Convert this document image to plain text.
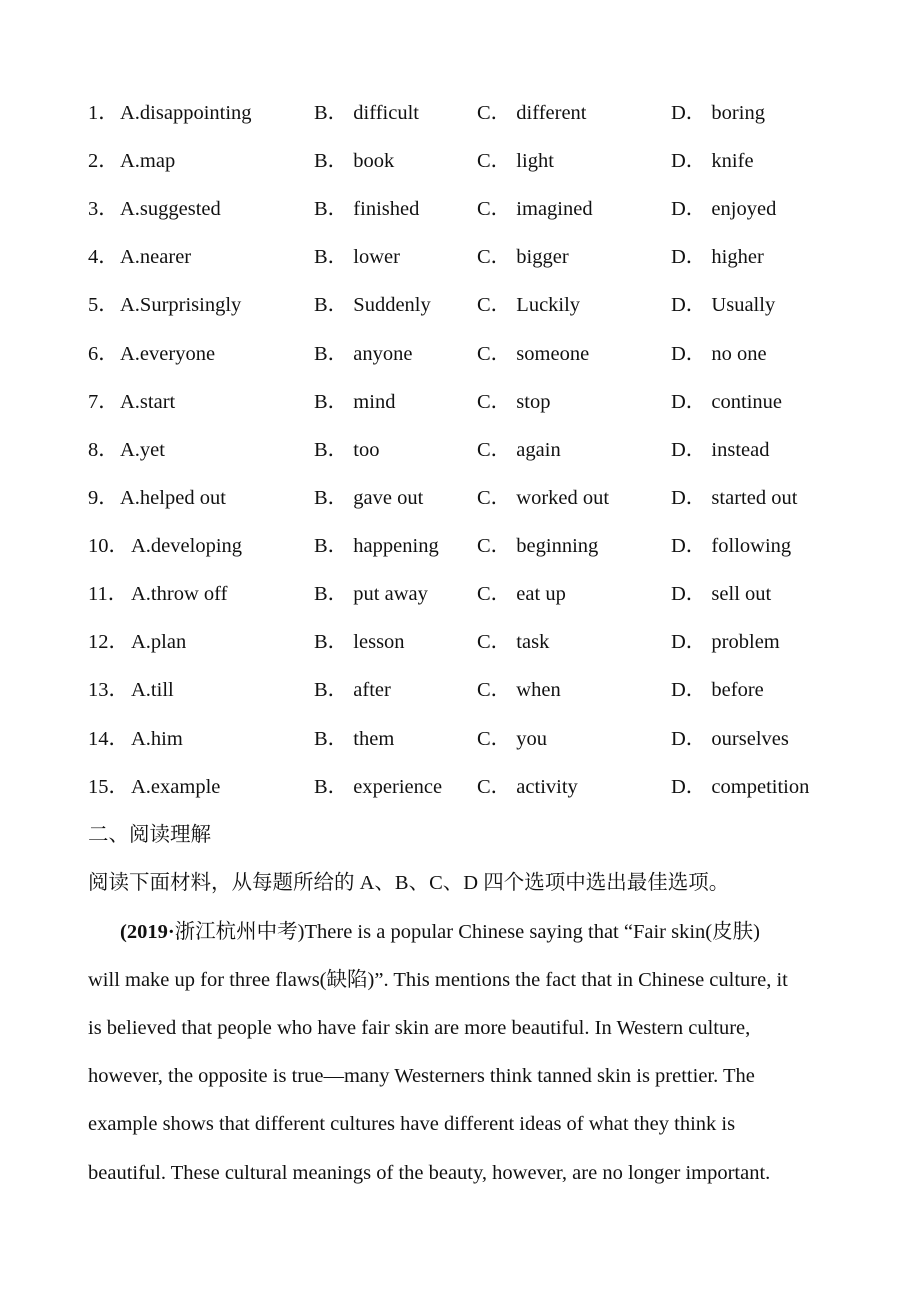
1． A.disappointing	B． difficult	C． different	D． boring
2． A.map	B． book	C． light	D． knife
3． A.suggested	B． finished	C． imagined	D． enjoyed
4． A.nearer	B． lower	C． bigger	D． higher
5． A.Surprisingly	B． Suddenly C． Luckily	D． Usually
6． A.everyone	B． anyone	C． someone	D． no one
7． A.start	B． mind	C． stop	D． continue
8． A.yet	B． too	C． again	D． instead
9． A.helped out	B． gave out	C． worked out	D． started out
10． A.developing	B． happening C． beginning	D． following
11． A.throw off	B． put away C． eat up	D． sell out
12． A.plan	B． lesson	C． task	D． problem
13． A.till	B． after	C． when	D． before
14． A.him	B． them	C． you	D． ourselves
15． A.example	B． experience C． activity	D． competition
二、阅读理解
阅读下面材料，从每题所给的 A、B、C、D 四个选项中选出最佳选项。
(2019·浙江杭州中考)There is a popular Chinese saying that “Fair skin(皮肤)
will make up for three flaws(缺陷)”. This mentions the fact that in Chinese culture, it
is believed that people who have fair skin are more beautiful. In Western culture,
however, the opposite is true—many Westerners think tanned skin is prettier. The
example shows that different cultures have different ideas of what they think is
beautiful. These cultural meanings of the beauty, however, are no longer important.
